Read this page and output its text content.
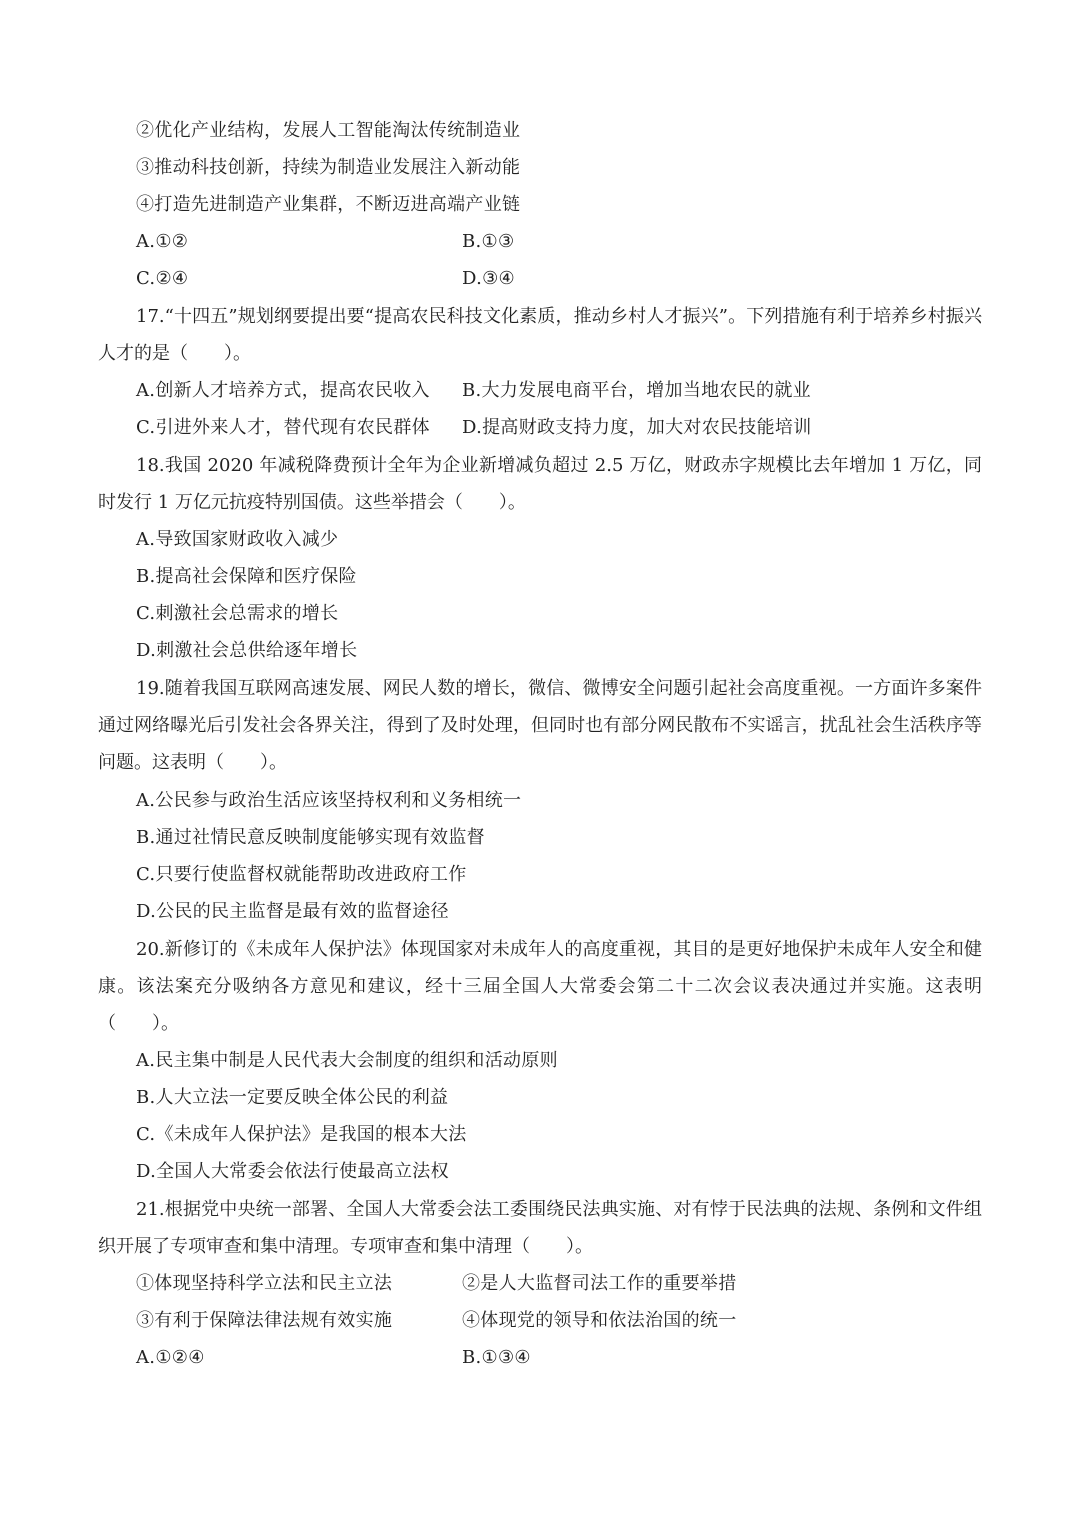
②优化产业结构，发展人工智能淘汰传统制造业
③推动科技创新，持续为制造业发展注入新动能
④打造先进制造产业集群，不断迈进高端产业链
A.①②	B.①③
C.②④	D.③④
17.“十四五”规划纲要提出要“提高农民科技文化素质，推动乡村人才振兴”。下列措施有利于培养乡村振兴人才的是（　　）。
A.创新人才培养方式，提高农民收入 B.大力发展电商平台，增加当地农民的就业
C.引进外来人才，替代现有农民群体 D.提高财政支持力度，加大对农民技能培训
18.我国 2020 年减税降费预计全年为企业新增减负超过 2.5 万亿，财政赤字规模比去年增加 1 万亿，同时发行 1 万亿元抗疫特别国债。这些举措会（　　）。
A.导致国家财政收入减少
B.提高社会保障和医疗保险
C.刺激社会总需求的增长
D.刺激社会总供给逐年增长
19.随着我国互联网高速发展、网民人数的增长，微信、微博安全问题引起社会高度重视。一方面许多案件通过网络曝光后引发社会各界关注，得到了及时处理，但同时也有部分网民散布不实谣言，扰乱社会生活秩序等问题。这表明（　　）。
A.公民参与政治生活应该坚持权利和义务相统一
B.通过社情民意反映制度能够实现有效监督
C.只要行使监督权就能帮助改进政府工作
D.公民的民主监督是最有效的监督途径
20.新修订的《未成年人保护法》体现国家对未成年人的高度重视，其目的是更好地保护未成年人安全和健康。该法案充分吸纳各方意见和建议，经十三届全国人大常委会第二十二次会议表决通过并实施。这表明（　　）。
A.民主集中制是人民代表大会制度的组织和活动原则
B.人大立法一定要反映全体公民的利益
C.《未成年人保护法》是我国的根本大法
D.全国人大常委会依法行使最高立法权
21.根据党中央统一部署、全国人大常委会法工委围绕民法典实施、对有悖于民法典的法规、条例和文件组织开展了专项审查和集中清理。专项审查和集中清理（　　）。
①体现坚持科学立法和民主立法	②是人大监督司法工作的重要举措
③有利于保障法律法规有效实施	④体现党的领导和依法治国的统一
A.①②④	B.①③④
